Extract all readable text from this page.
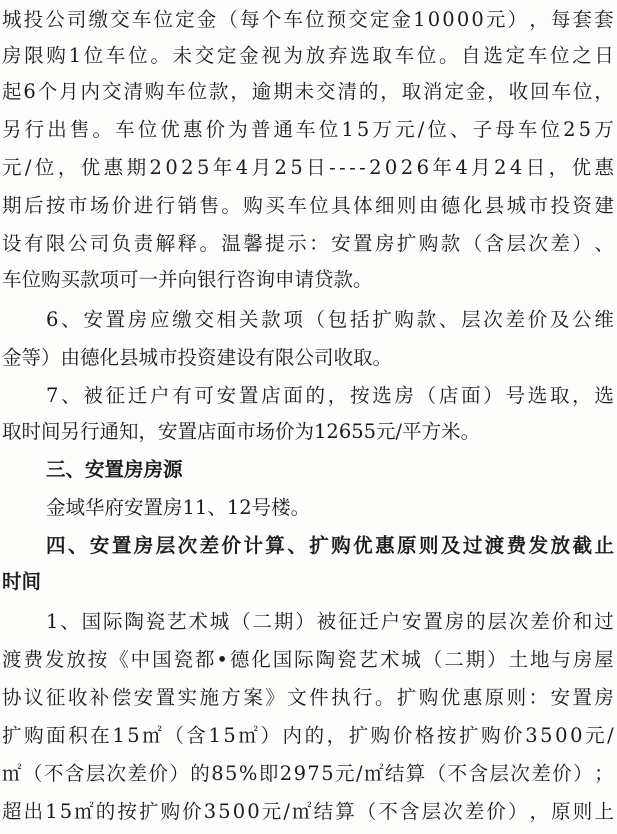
城 投 公 司 缴 交 车 位 定 金 （ 每 个 车 位 预 交 定 金 1 0 0 0 0 元 ） ， 每 套 套
房 限 购 1 位 车 位 。 未 交 定 金 视 为 放 弃 选 取 车 位 。 自 选 定 车 位 之 日
起 6 个 月 内 交 清 购 车 位 款 ， 逾 期 未 交 清 的 ， 取 消 定 金 ， 收 回 车 位 ，
另 行 出 售 。 车 位 优 惠 价 为 普 通 车 位 1 5 万 元 / 位 、 子 母 车 位 2 5 万
元 / 位 ， 优 惠 期 2 0 2 5 年 4 月 2 5 日 - - - - 2 0 2 6 年 4 月 2 4 日 ， 优 惠
期 后 按 市 场 价 进 行 销 售 。 购 买 车 位 具 体 细 则 由 德 化 县 城 市 投 资 建
设 有 限 公 司 负 责 解 释 。 温 馨 提 示 ： 安 置 房 扩 购 款 （ 含 层 次 差 ） 、
车位购买款项可一并向银行咨询申请贷款。
6 、 安 置 房 应 缴 交 相 关 款 项 （ 包 括 扩 购 款 、 层 次 差 价 及 公 维
金等）由德化县城市投资建设有限公司收取。
7 、 被 征 迁 户 有 可 安 置 店 面 的 ， 按 选 房 （ 店 面 ） 号 选 取 ， 选
取时间另行通知，安置店面市场价为12655元/平方米。
三、安置房房源
金域华府安置房11、12号楼。
四 、 安 置 房 层 次 差 价 计 算 、 扩 购 优 惠 原 则 及 过 渡 费 发 放 截 止
时间
1 、 国 际 陶 瓷 艺 术 城 （ 二 期 ） 被 征 迁 户 安 置 房 的 层 次 差 价 和 过
渡 费 发 放 按 《 中 国 瓷 都 • 德 化 国 际 陶 瓷 艺 术 城 （ 二 期 ） 土 地 与 房 屋
协 议 征 收 补 偿 安 置 实 施 方 案 》 文 件 执 行 。 扩 购 优 惠 原 则 ： 安 置 房
扩 购 面 积 在 1 5 ㎡ （ 含 1 5 ㎡ ） 内 的 ， 扩 购 价 格 按 扩 购 价 3 5 0 0 元 /
㎡ （ 不 含 层 次 差 价 ） 的 8 5 % 即 2 9 7 5 元 / ㎡ 结 算 （ 不 含 层 次 差 价 ） ；
超 出 1 5 ㎡ 的 按 扩 购 价 3 5 0 0 元 / ㎡ 结 算 （ 不 含 层 次 差 价 ） ， 原 则 上
